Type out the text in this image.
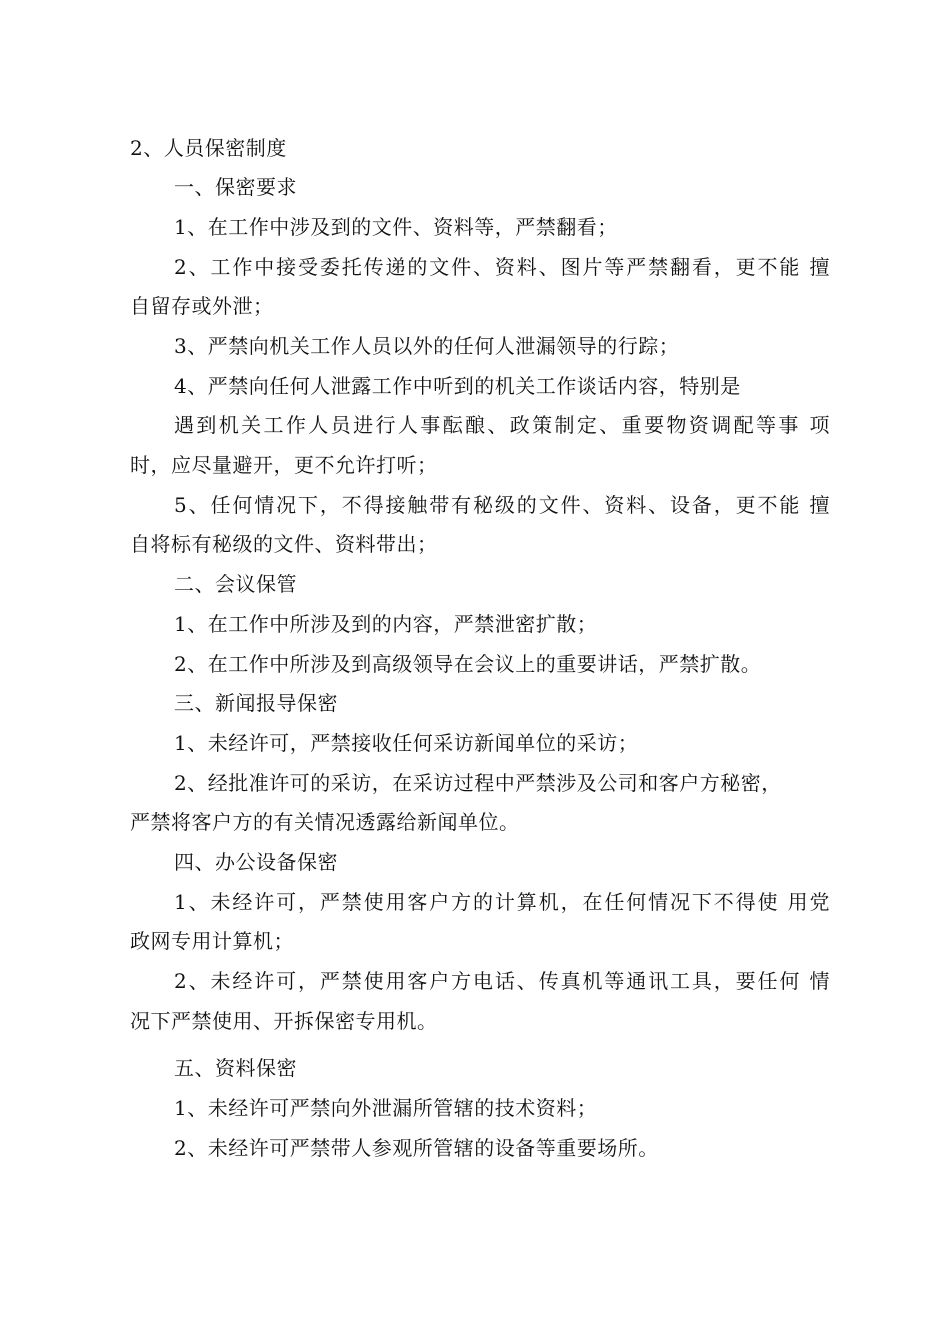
2、人员保密制度
一、保密要求
1、在工作中涉及到的文件、资料等，严禁翻看；
2、工作中接受委托传递的文件、资料、图片等严禁翻看，更不能 擅
自留存或外泄；
3、严禁向机关工作人员以外的任何人泄漏领导的行踪；
4、严禁向任何人泄露工作中听到的机关工作谈话内容，特别是
遇到机关工作人员进行人事酝酿、政策制定、重要物资调配等事 项
时，应尽量避开，更不允许打听；
5、任何情况下，不得接触带有秘级的文件、资料、设备，更不能 擅
自将标有秘级的文件、资料带出；
二、会议保管
1、在工作中所涉及到的内容，严禁泄密扩散；
2、在工作中所涉及到高级领导在会议上的重要讲话，严禁扩散。
三、新闻报导保密
1、未经许可，严禁接收任何采访新闻单位的采访；
2、经批准许可的采访，在采访过程中严禁涉及公司和客户方秘密，
严禁将客户方的有关情况透露给新闻单位。
四、办公设备保密
1、未经许可，严禁使用客户方的计算机，在任何情况下不得使 用党
政网专用计算机；
2、未经许可，严禁使用客户方电话、传真机等通讯工具，要任何 情
况下严禁使用、开拆保密专用机。
五、资料保密
1、未经许可严禁向外泄漏所管辖的技术资料；
2、未经许可严禁带人参观所管辖的设备等重要场所。
